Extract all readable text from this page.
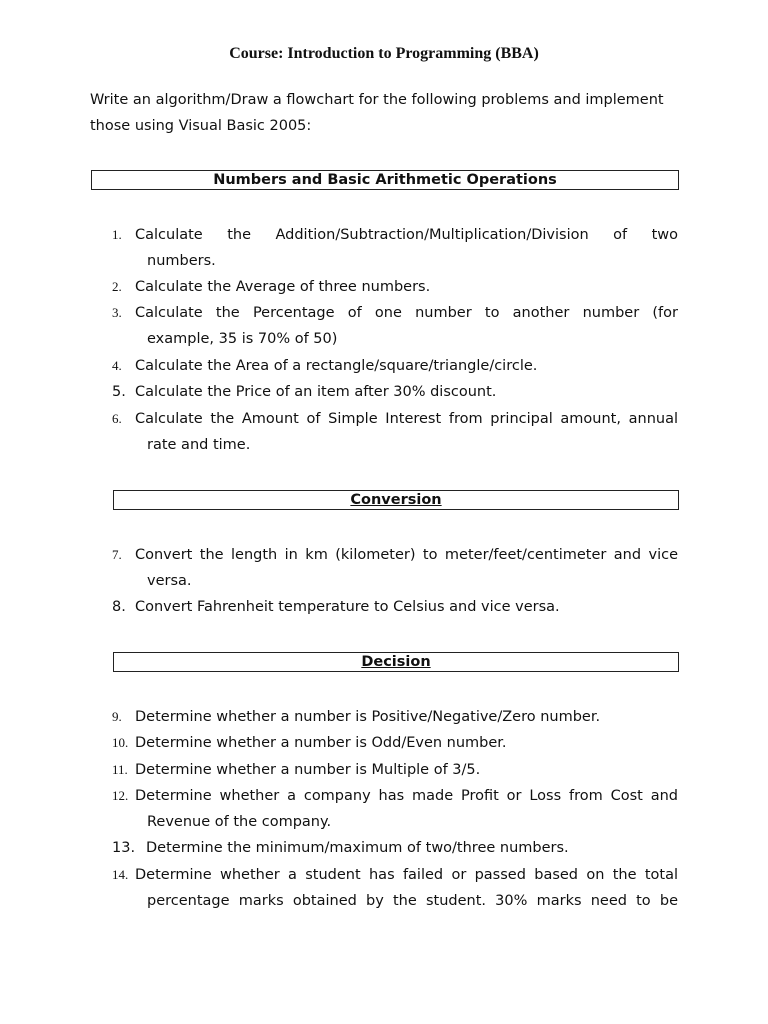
Course: Introduction to Programming (BBA)
Write an algorithm/Draw a flowchart for the following problems and implement those using Visual Basic 2005:
Numbers and Basic Arithmetic Operations
1. Calculate the Addition/Subtraction/Multiplication/Division of two
numbers.
2. Calculate the Average of three numbers.
3. Calculate the Percentage of one number to another number (for
example, 35 is 70% of 50)
4. Calculate the Area of a rectangle/square/triangle/circle.
5. Calculate the Price of an item after 30% discount.
6. Calculate the Amount of Simple Interest from principal amount, annual
rate and time.
Conversion
7. Convert the length in km (kilometer) to meter/feet/centimeter and vice
versa.
8. Convert Fahrenheit temperature to Celsius and vice versa.
Decision
9. Determine whether a number is Positive/Negative/Zero number.
10. Determine whether a number is Odd/Even number.
11. Determine whether a number is Multiple of 3/5.
12. Determine whether a company has made Profit or Loss from Cost and
Revenue of the company.
13. Determine the minimum/maximum of two/three numbers.
14. Determine whether a student has failed or passed based on the total
percentage marks obtained by the student. 30% marks need to be
